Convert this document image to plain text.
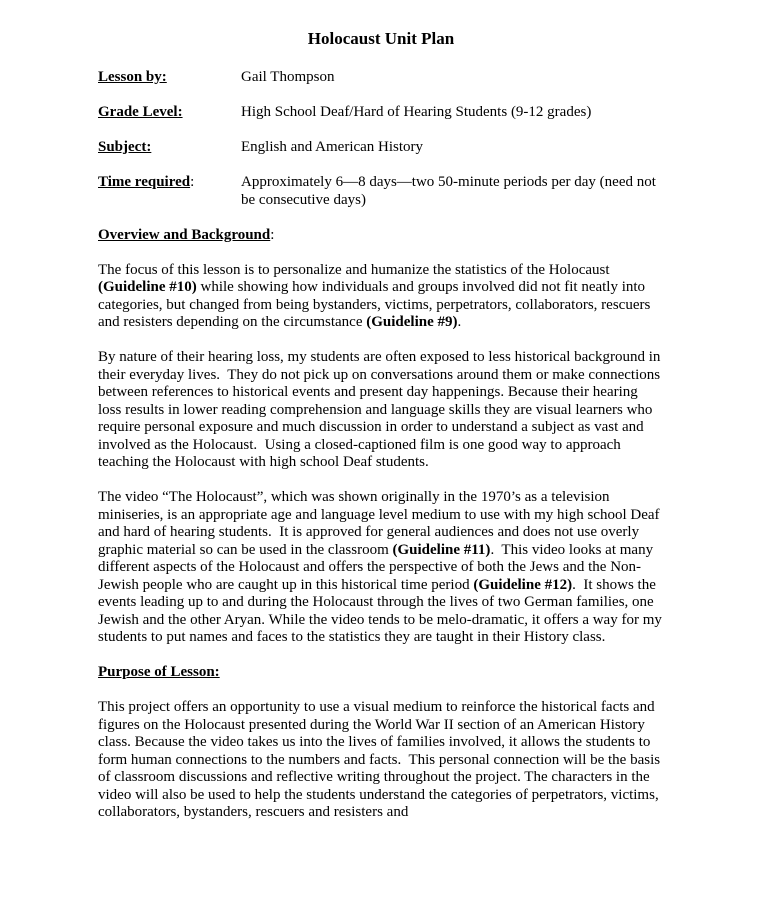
Holocaust Unit Plan
Lesson by:	Gail Thompson
Grade Level:	High School Deaf/Hard of Hearing Students (9-12 grades)
Subject:	English and American History
Time required:	Approximately 6—8 days—two 50-minute periods per day (need not be consecutive days)

Overview and Background:

The focus of this lesson is to personalize and humanize the statistics of the Holocaust (Guideline #10) while showing how individuals and groups involved did not fit neatly into categories, but changed from being bystanders, victims, perpetrators, collaborators, rescuers and resisters depending on the circumstance (Guideline #9).

By nature of their hearing loss, my students are often exposed to less historical background in their everyday lives.  They do not pick up on conversations around them or make connections between references to historical events and present day happenings. Because their hearing loss results in lower reading comprehension and language skills they are visual learners who require personal exposure and much discussion in order to understand a subject as vast and involved as the Holocaust.  Using a closed-captioned film is one good way to approach teaching the Holocaust with high school Deaf students.

The video “The Holocaust”, which was shown originally in the 1970’s as a television miniseries, is an appropriate age and language level medium to use with my high school Deaf and hard of hearing students.  It is approved for general audiences and does not use overly graphic material so can be used in the classroom (Guideline #11).  This video looks at many different aspects of the Holocaust and offers the perspective of both the Jews and the Non-Jewish people who are caught up in this historical time period (Guideline #12).  It shows the events leading up to and during the Holocaust through the lives of two German families, one Jewish and the other Aryan. While the video tends to be melo-dramatic, it offers a way for my students to put names and faces to the statistics they are taught in their History class.

Purpose of Lesson:

This project offers an opportunity to use a visual medium to reinforce the historical facts and figures on the Holocaust presented during the World War II section of an American History class. Because the video takes us into the lives of families involved, it allows the students to form human connections to the numbers and facts.  This personal connection will be the basis of classroom discussions and reflective writing throughout the project. The characters in the video will also be used to help the students understand the categories of perpetrators, victims, collaborators, bystanders, rescuers and resisters and
